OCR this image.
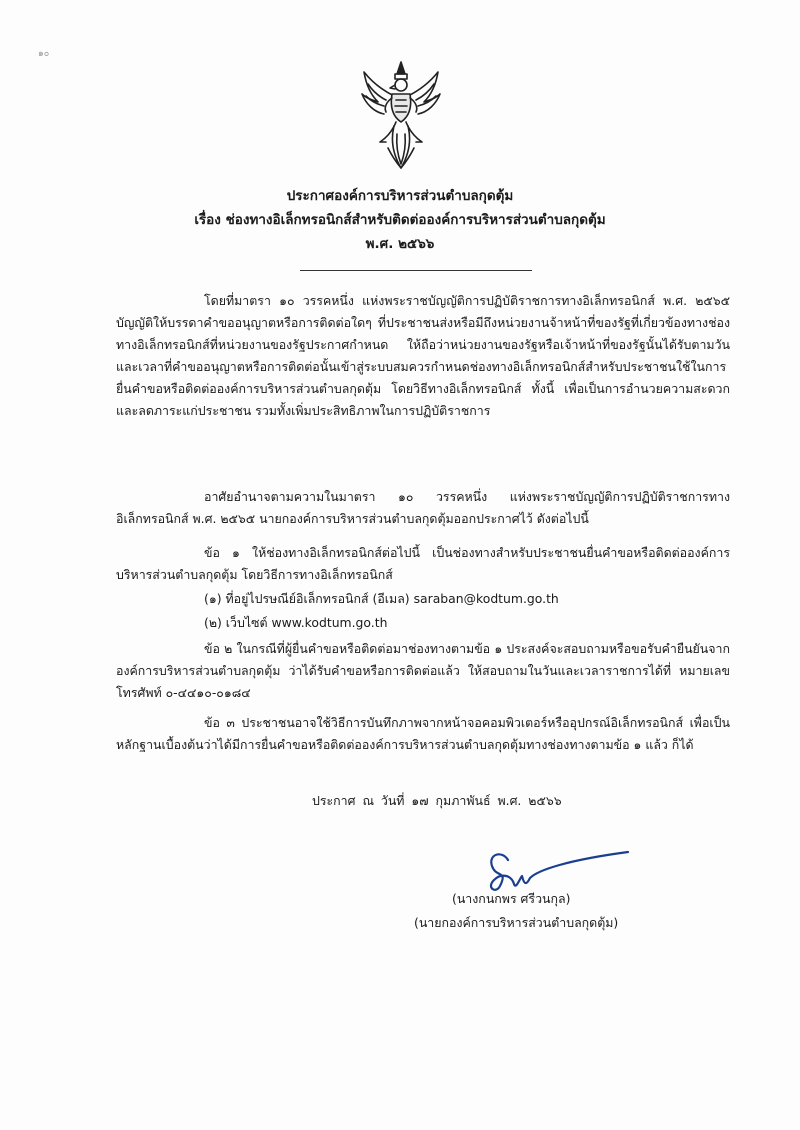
๑๐
ประกาศองค์การบริหารส่วนตำบลกุดตุ้ม
เรื่อง ช่องทางอิเล็กทรอนิกส์สำหรับติดต่อองค์การบริหารส่วนตำบลกุดตุ้ม
พ.ศ. ๒๕๖๖
โดยที่มาตรา ๑๐ วรรคหนึ่ง แห่งพระราชบัญญัติการปฏิบัติราชการทางอิเล็กทรอนิกส์ พ.ศ. ๒๕๖๕ บัญญัติให้บรรดาคำขออนุญาตหรือการติดต่อใดๆ ที่ประชาชนส่งหรือมีถึงหน่วยงานจ้าหน้าที่ของรัฐที่เกี่ยวข้องทางช่องทางอิเล็กทรอนิกส์ที่หน่วยงานของรัฐประกาศกำหนด ให้ถือว่าหน่วยงานของรัฐหรือเจ้าหน้าที่ของรัฐนั้นได้รับตามวันและเวลาที่คำขออนุญาตหรือการติดต่อนั้นเข้าสู่ระบบสมควรกำหนดช่องทางอิเล็กทรอนิกส์สำหรับประชาชนใช้ในการยื่นคำขอหรือติดต่อองค์การบริหารส่วนตำบลกุดตุ้ม โดยวิธีทางอิเล็กทรอนิกส์ ทั้งนี้ เพื่อเป็นการอำนวยความสะดวกและลดภาระแก่ประชาชน รวมทั้งเพิ่มประสิทธิภาพในการปฏิบัติราชการ
อาศัยอำนาจตามความในมาตรา ๑๐ วรรคหนึ่ง แห่งพระราชบัญญัติการปฏิบัติราชการทางอิเล็กทรอนิกส์ พ.ศ. ๒๕๖๕ นายกองค์การบริหารส่วนตำบลกุดตุ้มออกประกาศไว้ ดังต่อไปนี้
ข้อ ๑ ให้ช่องทางอิเล็กทรอนิกส์ต่อไปนี้ เป็นช่องทางสำหรับประชาชนยื่นคำขอหรือติดต่อองค์การบริหารส่วนตำบลกุดตุ้ม โดยวิธีการทางอิเล็กทรอนิกส์
(๑) ที่อยู่ไปรษณีย์อิเล็กทรอนิกส์ (อีเมล) saraban@kodtum.go.th
(๒) เว็บไซต์ www.kodtum.go.th
ข้อ ๒ ในกรณีที่ผู้ยื่นคำขอหรือติดต่อมาช่องทางตามข้อ ๑ ประสงค์จะสอบถามหรือขอรับคำยืนยันจากองค์การบริหารส่วนตำบลกุดตุ้ม ว่าได้รับคำขอหรือการติดต่อแล้ว ให้สอบถามในวันและเวลาราชการได้ที่ หมายเลขโทรศัพท์ ๐-๔๔๑๐-๐๑๘๔
ข้อ ๓ ประชาชนอาจใช้วิธีการบันทึกภาพจากหน้าจอคอมพิวเตอร์หรืออุปกรณ์อิเล็กทรอนิกส์ เพื่อเป็นหลักฐานเบื้องต้นว่าได้มีการยื่นคำขอหรือติดต่อองค์การบริหารส่วนตำบลกุดตุ้มทางช่องทางตามข้อ ๑ แล้ว ก็ได้
ประกาศ ณ วันที่ ๑๗ กุมภาพันธ์ พ.ศ. ๒๕๖๖
(นางกนกพร ศรีวนกุล)
(นายกองค์การบริหารส่วนตำบลกุดตุ้ม)
